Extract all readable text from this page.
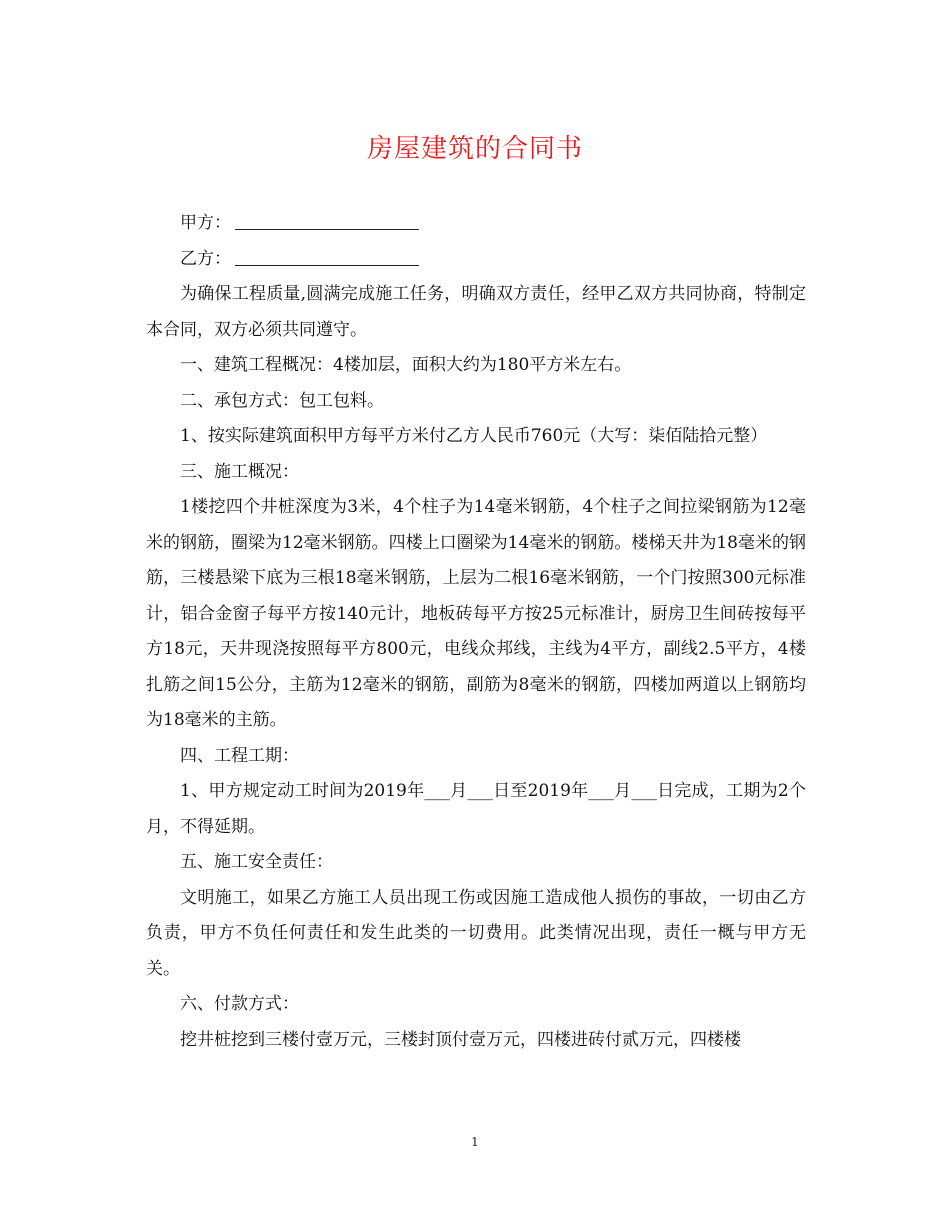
房屋建筑的合同书

甲方：

乙方：

为确保工程质量,圆满完成施工任务，明确双方责任，经甲乙双方共同协商，特制定本合同，双方必须共同遵守。

一、建筑工程概况：4楼加层，面积大约为180平方米左右。

二、承包方式：包工包料。

1、按实际建筑面积甲方每平方米付乙方人民币760元（大写：柒佰陆拾元整）

三、施工概况：

1楼挖四个井桩深度为3米，4个柱子为14毫米钢筋，4个柱子之间拉梁钢筋为12毫米的钢筋，圈梁为12毫米钢筋。四楼上口圈梁为14毫米的钢筋。楼梯天井为18毫米的钢筋，三楼悬梁下底为三根18毫米钢筋，上层为二根16毫米钢筋，一个门按照300元标准计，铝合金窗子每平方按140元计，地板砖每平方按25元标准计，厨房卫生间砖按每平方18元，天井现浇按照每平方800元，电线众邦线，主线为4平方，副线2.5平方，4楼扎筋之间15公分，主筋为12毫米的钢筋，副筋为8毫米的钢筋，四楼加两道以上钢筋均为18毫米的主筋。

四、工程工期：

1、甲方规定动工时间为2019年___月___日至2019年___月___日完成，工期为2个月，不得延期。

五、施工安全责任：

文明施工，如果乙方施工人员出现工伤或因施工造成他人损伤的事故，一切由乙方负责，甲方不负任何责任和发生此类的一切费用。此类情况出现，责任一概与甲方无关。

六、付款方式：

挖井桩挖到三楼付壹万元，三楼封顶付壹万元，四楼进砖付贰万元，四楼楼

1
